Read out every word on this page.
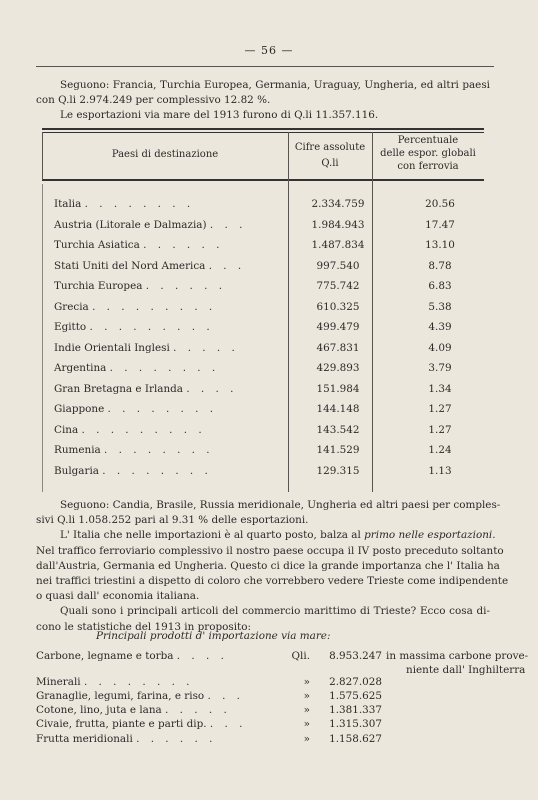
— 56 —
Seguono: Francia, Turchia Europea, Germania, Uraguay, Ungheria, ed altri paesi
con Q.li 2.974.249 per complessivo 12.82 %.
Le esportazioni via mare del 1913 furono di Q.li 11.357.116.
Paesi di destinazione
Cifre assolute
Q.li
Percentuale
delle espor. globali
con ferrovia
Italia . . . . . . . .	2.334.759	20.56
Austria (Litorale e Dalmazia) . . .	1.984.943	17.47
Turchia Asiatica . . . . . .	1.487.834	13.10
Stati Uniti del Nord America . . .	997.540	8.78
Turchia Europea . . . . . .	775.742	6.83
Grecia . . . . . . . . .	610.325	5.38
Egitto . . . . . . . . .	499.479	4.39
Indie Orientali Inglesi . . . . .	467.831	4.09
Argentina . . . . . . . .	429.893	3.79
Gran Bretagna e Irlanda . . . .	151.984	1.34
Giappone . . . . . . . .	144.148	1.27
Cina . . . . . . . . .	143.542	1.27
Rumenia . . . . . . . .	141.529	1.24
Bulgaria . . . . . . . .	129.315	1.13
Seguono: Candia, Brasile, Russia meridionale, Ungheria ed altri paesi per comples-
sivi Q.li 1.058.252 pari al 9.31 % delle esportazioni.
L' Italia che nelle importazioni è al quarto posto, balza al primo nelle esportazioni.
Nel traffico ferroviario complessivo il nostro paese occupa il IV posto preceduto soltanto
dall'Austria, Germania ed Ungheria. Questo ci dice la grande importanza che l' Italia ha
nei traffici triestini a dispetto di coloro che vorrebbero vedere Trieste come indipendente
o quasi dall' economia italiana.
Quali sono i principali articoli del commercio marittimo di Trieste? Ecco cosa di-
cono le statistiche del 1913 in proposito:
Principali prodotti d' importazione via mare:
Carbone, legname e torba . . . .	Qli.	8.953.247 in massima carbone prove-
niente dall' Inghilterra
Minerali . . . . . . . .	»	2.827.028
Granaglie, legumi, farina, e riso . . .	»	1.575.625
Cotone, lino, juta e lana . . . . .	»	1.381.337
Civaie, frutta, piante e parti dip. . . .	»	1.315.307
Frutta meridionali . . . . . .	»	1.158.627
